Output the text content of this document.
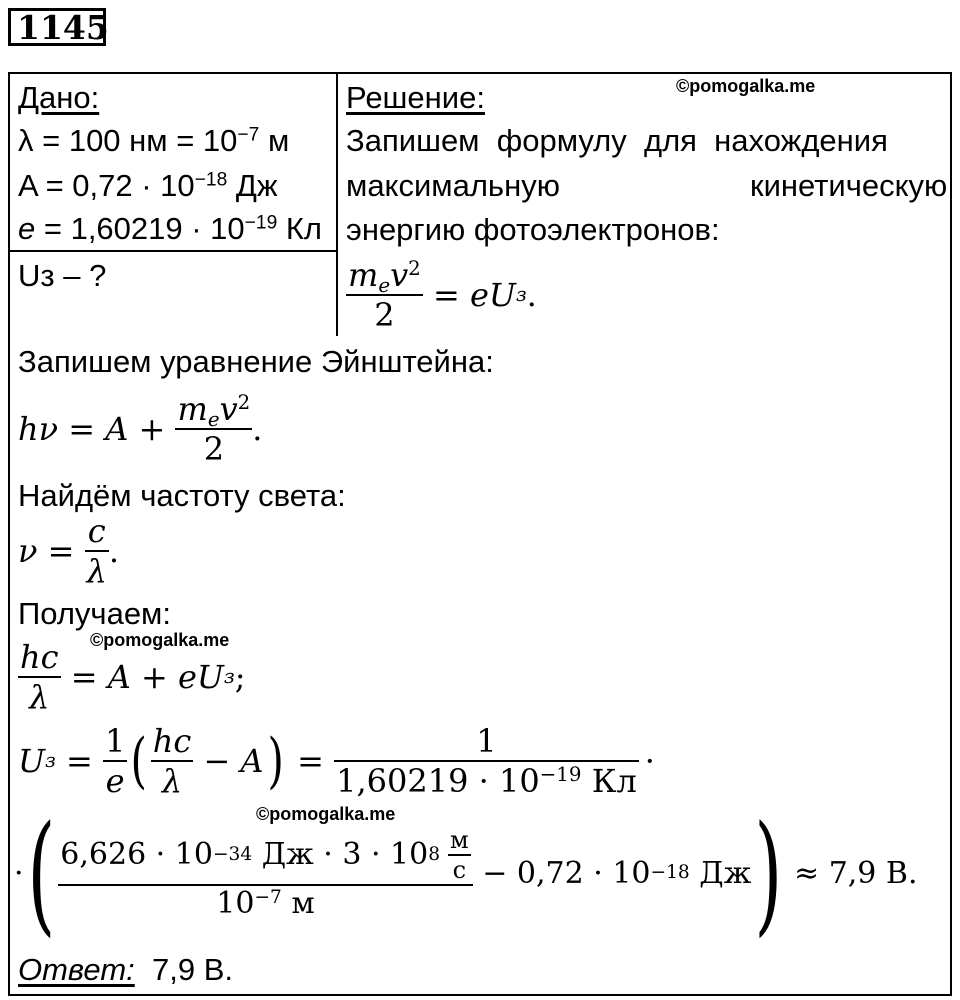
1145
©pomogalka.me
©pomogalka.me
©pomogalka.me
Дано:
λ = 100 нм = $10^{-7}$ м
$A = 0,72 \cdot 10^{-18}$ Дж
$e = 1,60219 \cdot 10^{-19}$ Кл
Uз – ?
Решение:
Запишем  формулу  для  нахождения
максимальную	кинетическую
энергию фотоэлектронов:
$\frac{m_ev^2}{2}$ = eU з .
Запишем уравнение Эйнштейна:
$h\nu = A + \frac{m_ev^2}{2}$ .
Найдём частоту света:
$\nu = \frac{c}{\lambda}$ .
Получаем:
$\frac{hc}{\lambda} = A$ + eU з ;
U $з = \frac{1}{e}$ ( $\frac{hc}{\lambda} - A$ ) = $\frac{1}{1,60219 \cdot 10^{-19} Кл}$ ·
· ( 6,626 · 10 −34 Дж · 3 · 10 $8 \frac{м}{с}$
$10^{-7}$ м
− 0,72 · 10 −18 Дж ) ≈ 7,9 В.
Ответ: 7,9 В.
